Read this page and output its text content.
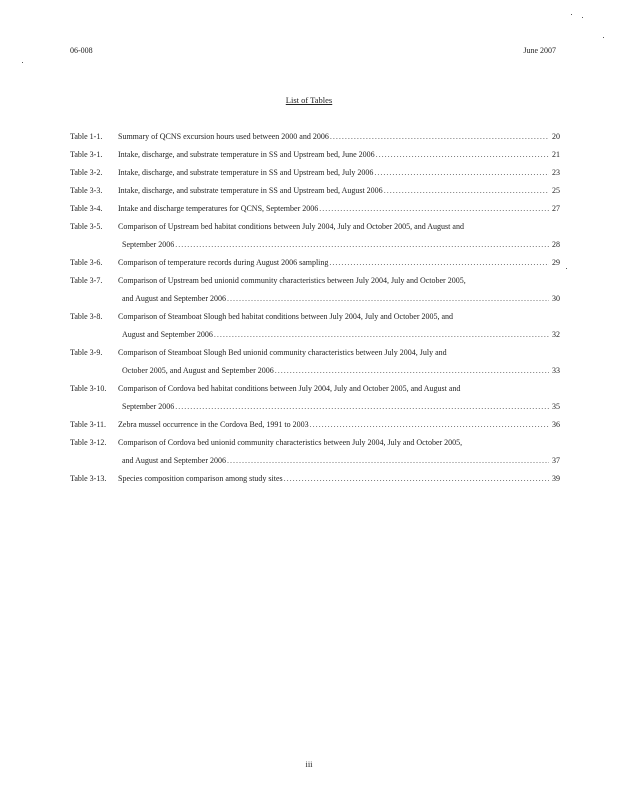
06-008	June 2007
List of Tables
Table 1-1.	Summary of QCNS excursion hours used between 2000 and 2006 .....	20
Table 3-1.	Intake, discharge, and substrate temperature in SS and Upstream bed, June 2006 .....	21
Table 3-2.	Intake, discharge, and substrate temperature in SS and Upstream bed, July 2006 .....	23
Table 3-3.	Intake, discharge, and substrate temperature in SS and Upstream bed, August 2006 .....	25
Table 3-4.	Intake and discharge temperatures for QCNS, September 2006 .....	27
Table 3-5.	Comparison of Upstream bed habitat conditions between July 2004, July and October 2005, and August and
September 2006 .....	28
Table 3-6.	Comparison of temperature records during August 2006 sampling .....	29
Table 3-7.	Comparison of Upstream bed unionid community characteristics between July 2004, July and October 2005,
and August and September 2006 .....	30
Table 3-8.	Comparison of Steamboat Slough bed habitat conditions between July 2004, July and October 2005, and
August and September 2006 .....	32
Table 3-9.	Comparison of Steamboat Slough Bed unionid community characteristics between July 2004, July and
October 2005, and August and September 2006 .....	33
Table 3-10.	Comparison of Cordova bed habitat conditions between July 2004, July and October 2005, and August and
September 2006 .....	35
Table 3-11.	Zebra mussel occurrence in the Cordova Bed, 1991 to 2003 .....	36
Table 3-12.	Comparison of Cordova bed unionid community characteristics between July 2004, July and October 2005,
and August and September 2006 .....	37
Table 3-13.	Species composition comparison among study sites .....	39
iii
